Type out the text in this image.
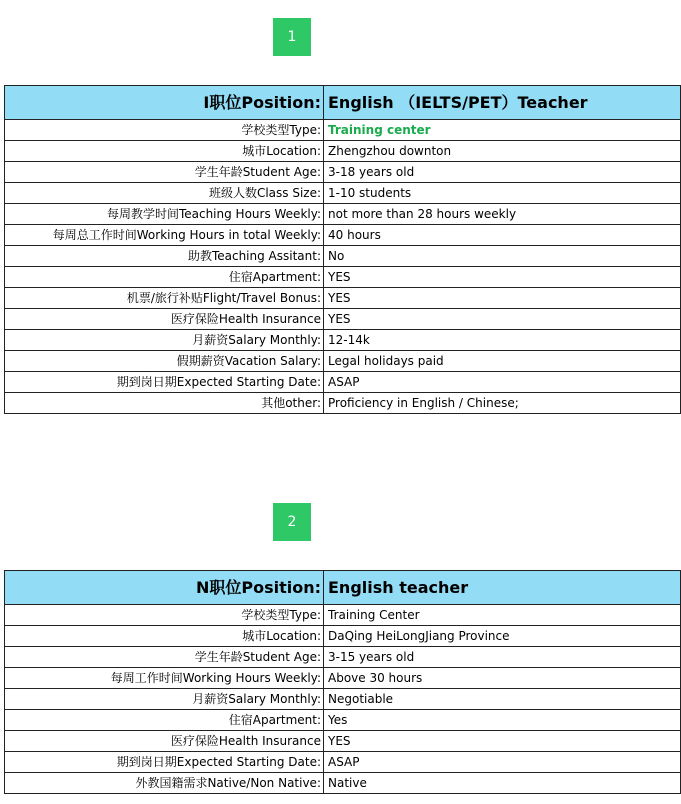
1
I职位Position:	English （IELTS/PET）Teacher
学校类型Type:	Training center
城市Location:	Zhengzhou downton
学生年龄Student Age:	3-18 years old
班级人数Class Size:	1-10 students
每周教学时间Teaching Hours Weekly:	not more than 28 hours weekly
每周总工作时间Working Hours in total Weekly:	40 hours
助教Teaching Assitant:	No
住宿Apartment:	YES
机票/旅行补贴Flight/Travel Bonus:	YES
医疗保险Health Insurance	YES
月薪资Salary Monthly:	12-14k
假期薪资Vacation Salary:	Legal holidays paid
期到岗日期Expected Starting Date:	ASAP
其他other:	Proficiency in English / Chinese;
2
N职位Position:	English teacher
学校类型Type:	Training Center
城市Location:	DaQing HeiLongJiang Province
学生年龄Student Age:	3-15 years old
每周工作时间Working Hours Weekly:	Above 30 hours
月薪资Salary Monthly:	Negotiable
住宿Apartment:	Yes
医疗保险Health Insurance	YES
期到岗日期Expected Starting Date:	ASAP
外教国籍需求Native/Non Native:	Native
